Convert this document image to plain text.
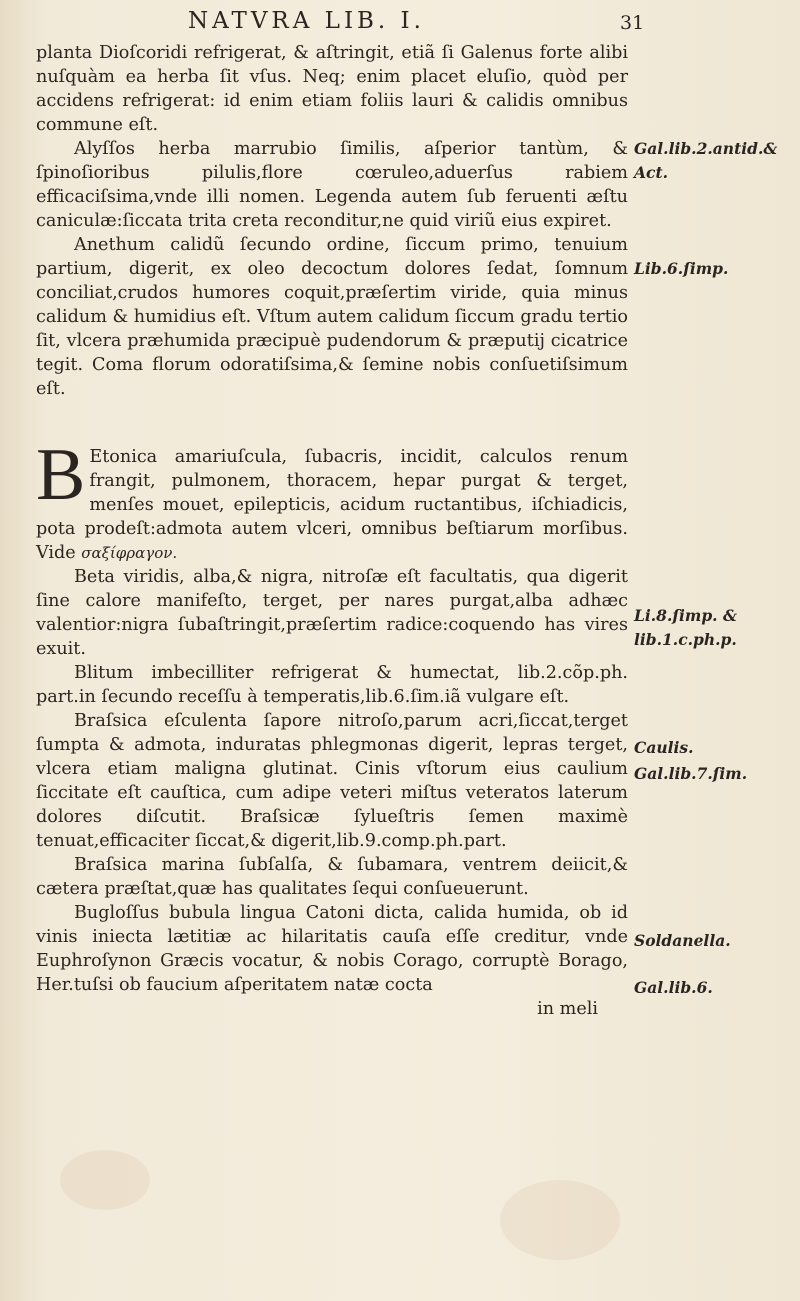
NATVRA LIB. I.	31

planta Dioſcoridi refrigerat, & aſtringit, etiã ſi Galenus forte alibi nuſquàm ea herba ſit vſus. Neq; enim placet eluſio, quòd per accidens refrigerat: id enim etiam foliis lauri & calidis omnibus commune eſt.

Alyſſos herba marrubio ſimilis, aſperior tantùm, & ſpinoſioribus pilulis,flore cœruleo,aduerſus rabiem efficaciſsima,vnde illi nomen. Legenda autem ſub feruenti æſtu caniculæ:ſiccata trita creta reconditur,ne quid viriũ eius expiret.

Anethum calidũ ſecundo ordine, ſiccum primo, tenuium partium, digerit, ex oleo decoctum dolores ſedat, ſomnum conciliat,crudos humores coquit,præſertim viride, quia minus calidum & humidius eſt. Vſtum autem calidum ſiccum gradu tertio ſit, vlcera præhumida præcipuè pudendorum & præputij cicatrice tegit. Coma florum odoratiſsima,& ſemine nobis conſuetiſsimum eſt.

B Etonica amariuſcula, ſubacris, incidit, calculos renum frangit, pulmonem, thoracem, hepar purgat & terget, menſes mouet, epilepticis, acidum ructantibus, iſchiadicis, pota prodeſt:admota autem vlceri, omnibus beſtiarum morſibus. Vide σαξίφραγον.

Beta viridis, alba,& nigra, nitroſæ eſt facultatis, qua digerit ſine calore manifeſto, terget, per nares purgat,alba adhæc valentior:nigra ſubaſtringit,præſertim radice:coquendo has vires exuit.

Blitum imbecilliter refrigerat & humectat, lib.2.cõp.ph. part.in ſecundo receſſu à temperatis,lib.6.ſim.iã vulgare eſt.

Braſsica eſculenta ſapore nitroſo,parum acri,ſiccat,terget ſumpta & admota, induratas phlegmonas digerit, lepras terget, vlcera etiam maligna glutinat. Cinis vſtorum eius caulium ſiccitate eſt cauſtica, cum adipe veteri miſtus veteratos laterum dolores diſcutit. Braſsicæ ſylueſtris ſemen maximè tenuat,efficaciter ſiccat,& digerit,lib.9.comp.ph.part.

Braſsica marina ſubſalſa, & ſubamara, ventrem deiicit,& cætera præſtat,quæ has qualitates ſequi conſueuerunt.

Bugloſſus bubula lingua Catoni dicta, calida humida, ob id vinis iniecta lætitiæ ac hilaritatis cauſa eſſe creditur, vnde Euphroſynon Græcis vocatur, & nobis Corago, corruptè Borago, Her.tuſsi ob faucium aſperitatem natæ cocta

in meli

Gal.lib.2.antid.& Act.
Lib.6.ſimp.
Li.8.ſimp. & lib.1.c.ph.p.
Caulis.
Gal.lib.7.ſim.
Soldanella.
Gal.lib.6.
